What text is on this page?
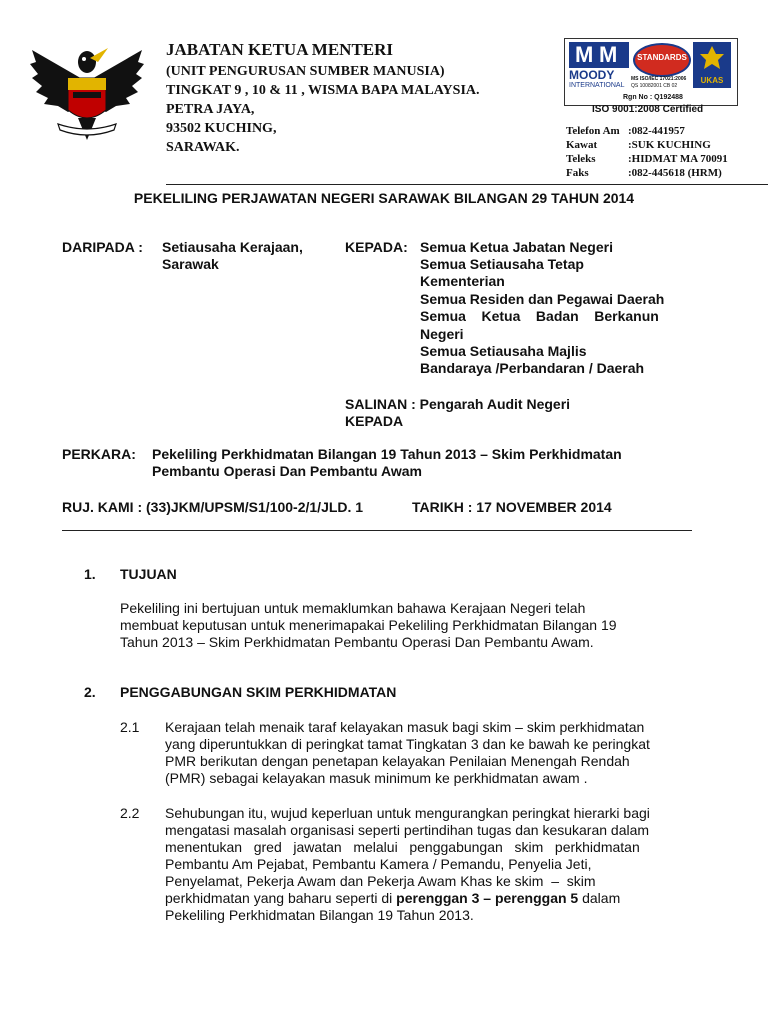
JABATAN KETUA MENTERI
(UNIT PENGURUSAN SUMBER MANUSIA)
TINGKAT 9 , 10 & 11 , WISMA BAPA MALAYSIA.
PETRA JAYA,
93502 KUCHING,
SARAWAK.
M M
MOODY
INTERNATIONAL
STANDARDS
MS ISO/IEC 17021:2006
QS 10082001 CB 02
UKAS
Rgn No : Q192488
ISO 9001:2008 Certified
Telefon Am :082-441957
Kawat	:SUK KUCHING
Teleks	:HIDMAT MA 70091
Faks	:082-445618 (HRM)
PEKELILING PERJAWATAN NEGERI SARAWAK BILANGAN 29 TAHUN 2014
DARIPADA : Setiausaha Kerajaan,
Sarawak
KEPADA: Semua Ketua Jabatan Negeri
Semua Setiausaha Tetap
Kementerian
Semua Residen dan Pegawai Daerah
Semua    Ketua    Badan    Berkanun
Negeri
Semua Setiausaha Majlis
Bandaraya /Perbandaran / Daerah
SALINAN : Pengarah Audit Negeri
KEPADA
PERKARA: Pekeliling Perkhidmatan Bilangan 19 Tahun 2013 – Skim Perkhidmatan
Pembantu Operasi Dan Pembantu Awam
RUJ. KAMI : (33)JKM/UPSM/S1/100-2/1/JLD. 1	TARIKH : 17 NOVEMBER 2014
1. TUJUAN
Pekeliling ini bertujuan untuk memaklumkan bahawa Kerajaan Negeri telah
membuat keputusan untuk menerimapakai Pekeliling Perkhidmatan Bilangan 19
Tahun 2013 – Skim Perkhidmatan Pembantu Operasi Dan Pembantu Awam.
2. PENGGABUNGAN SKIM PERKHIDMATAN
2.1 Kerajaan telah menaik taraf kelayakan masuk bagi skim – skim perkhidmatan
yang diperuntukkan di peringkat tamat Tingkatan 3 dan ke bawah ke peringkat
PMR berikutan dengan penetapan kelayakan Penilaian Menengah Rendah
(PMR) sebagai kelayakan masuk minimum ke perkhidmatan awam .
2.2 Sehubungan itu, wujud keperluan untuk mengurangkan peringkat hierarki bagi
mengatasi masalah organisasi seperti pertindihan tugas dan kesukaran dalam
menentukan   gred   jawatan   melalui   penggabungan   skim   perkhidmatan
Pembantu Am Pejabat, Pembantu Kamera / Pemandu, Penyelia Jeti,
Penyelamat, Pekerja Awam dan Pekerja Awam Khas ke skim  –  skim
perkhidmatan yang baharu seperti di perenggan 3 – perenggan 5 dalam
Pekeliling Perkhidmatan Bilangan 19 Tahun 2013.
